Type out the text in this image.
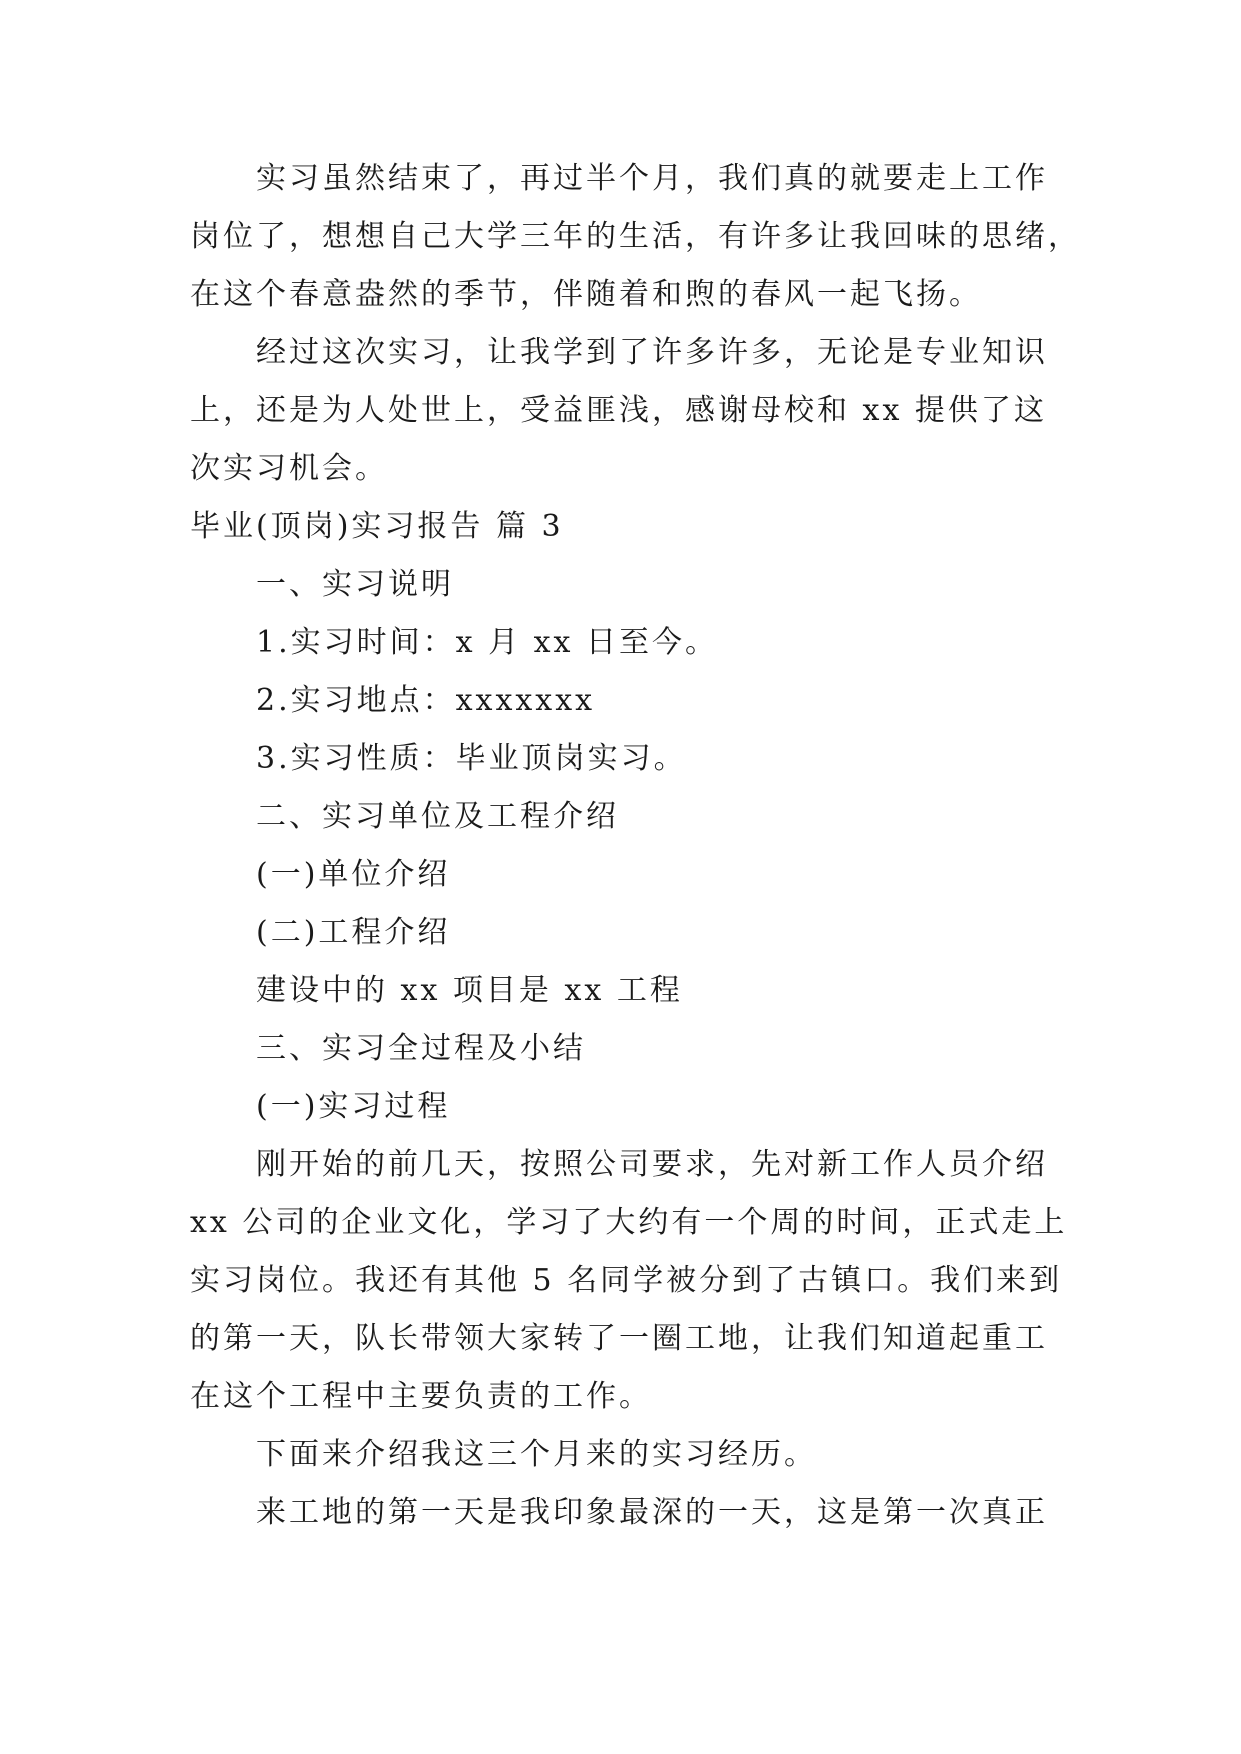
实习虽然结束了，再过半个月，我们真的就要走上工作

岗位了，想想自己大学三年的生活，有许多让我回味的思绪，

在这个春意盎然的季节，伴随着和煦的春风一起飞扬。

经过这次实习，让我学到了许多许多，无论是专业知识

上，还是为人处世上，受益匪浅，感谢母校和 xx 提供了这

次实习机会。

毕业(顶岗)实习报告 篇 3

一、实习说明

1.实习时间：x 月 xx 日至今。

2.实习地点：xxxxxxx

3.实习性质：毕业顶岗实习。

二、实习单位及工程介绍

(一)单位介绍

(二)工程介绍

建设中的 xx 项目是 xx 工程

三、实习全过程及小结

(一)实习过程

刚开始的前几天，按照公司要求，先对新工作人员介绍

xx 公司的企业文化，学习了大约有一个周的时间，正式走上

实习岗位。我还有其他 5 名同学被分到了古镇口。我们来到

的第一天，队长带领大家转了一圈工地，让我们知道起重工

在这个工程中主要负责的工作。

下面来介绍我这三个月来的实习经历。

来工地的第一天是我印象最深的一天，这是第一次真正
